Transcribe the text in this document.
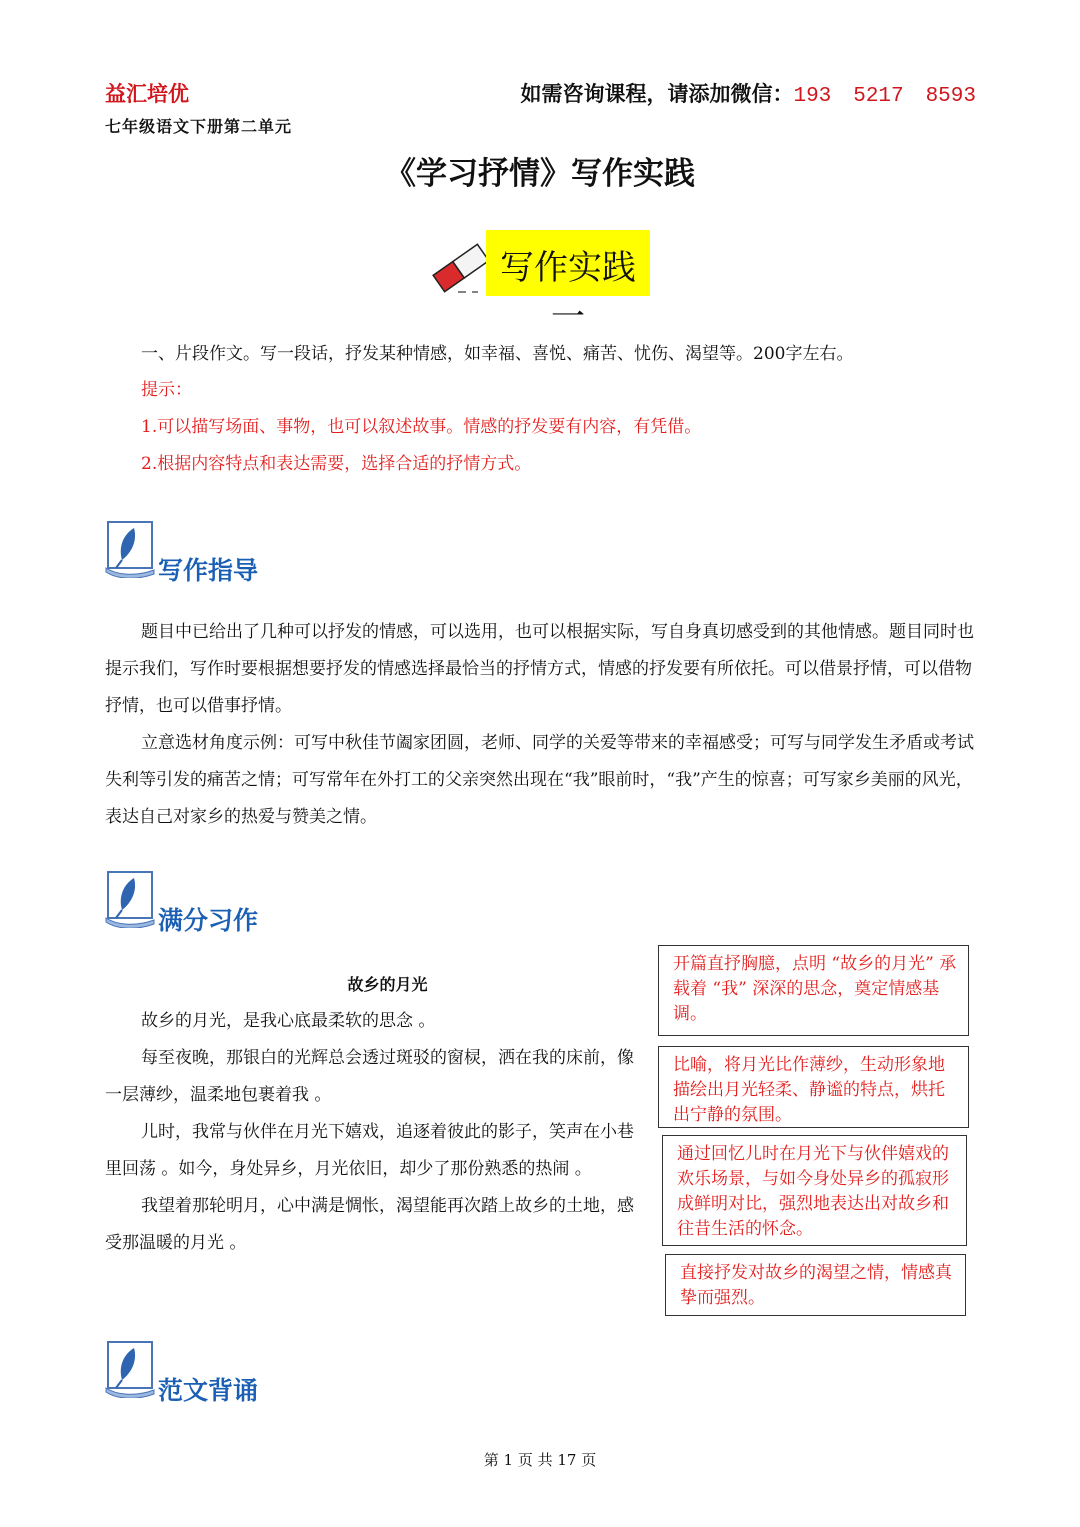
益汇培优	如需咨询课程，请添加微信：193 5217 8593
七年级语文下册第二单元
《学习抒情》写作实践
写作实践一
一、片段作文。写一段话，抒发某种情感，如幸福、喜悦、痛苦、忧伤、渴望等。200字左右。
提示：
1.可以描写场面、事物，也可以叙述故事。情感的抒发要有内容，有凭借。
2.根据内容特点和表达需要，选择合适的抒情方式。
写作指导

题目中已给出了几种可以抒发的情感，可以选用，也可以根据实际，写自身真切感受到的其他情感。题目同时也提示我们，写作时要根据想要抒发的情感选择最恰当的抒情方式，情感的抒发要有所依托。可以借景抒情，可以借物抒情，也可以借事抒情。

立意选材角度示例：可写中秋佳节阖家团圆，老师、同学的关爱等带来的幸福感受；可写与同学发生矛盾或考试失利等引发的痛苦之情；可写常年在外打工的父亲突然出现在“我”眼前时，“我”产生的惊喜；可写家乡美丽的风光，表达自己对家乡的热爱与赞美之情。

满分习作
故乡的月光

故乡的月光，是我心底最柔软的思念 。

每至夜晚，那银白的光辉总会透过斑驳的窗棂，洒在我的床前，像一层薄纱，温柔地包裹着我 。

儿时，我常与伙伴在月光下嬉戏，追逐着彼此的影子，笑声在小巷里回荡 。如今，身处异乡，月光依旧，却少了那份熟悉的热闹 。

我望着那轮明月，心中满是惆怅，渴望能再次踏上故乡的土地，感受那温暖的月光 。

开篇直抒胸臆，点明 “故乡的月光” 承载着 “我” 深深的思念，奠定情感基调。
比喻，将月光比作薄纱，生动形象地描绘出月光轻柔、静谧的特点，烘托出宁静的氛围。
通过回忆儿时在月光下与伙伴嬉戏的欢乐场景，与如今身处异乡的孤寂形成鲜明对比，强烈地表达出对故乡和往昔生活的怀念。
直接抒发对故乡的渴望之情，情感真挚而强烈。
范文背诵
第 1 页 共 17 页
